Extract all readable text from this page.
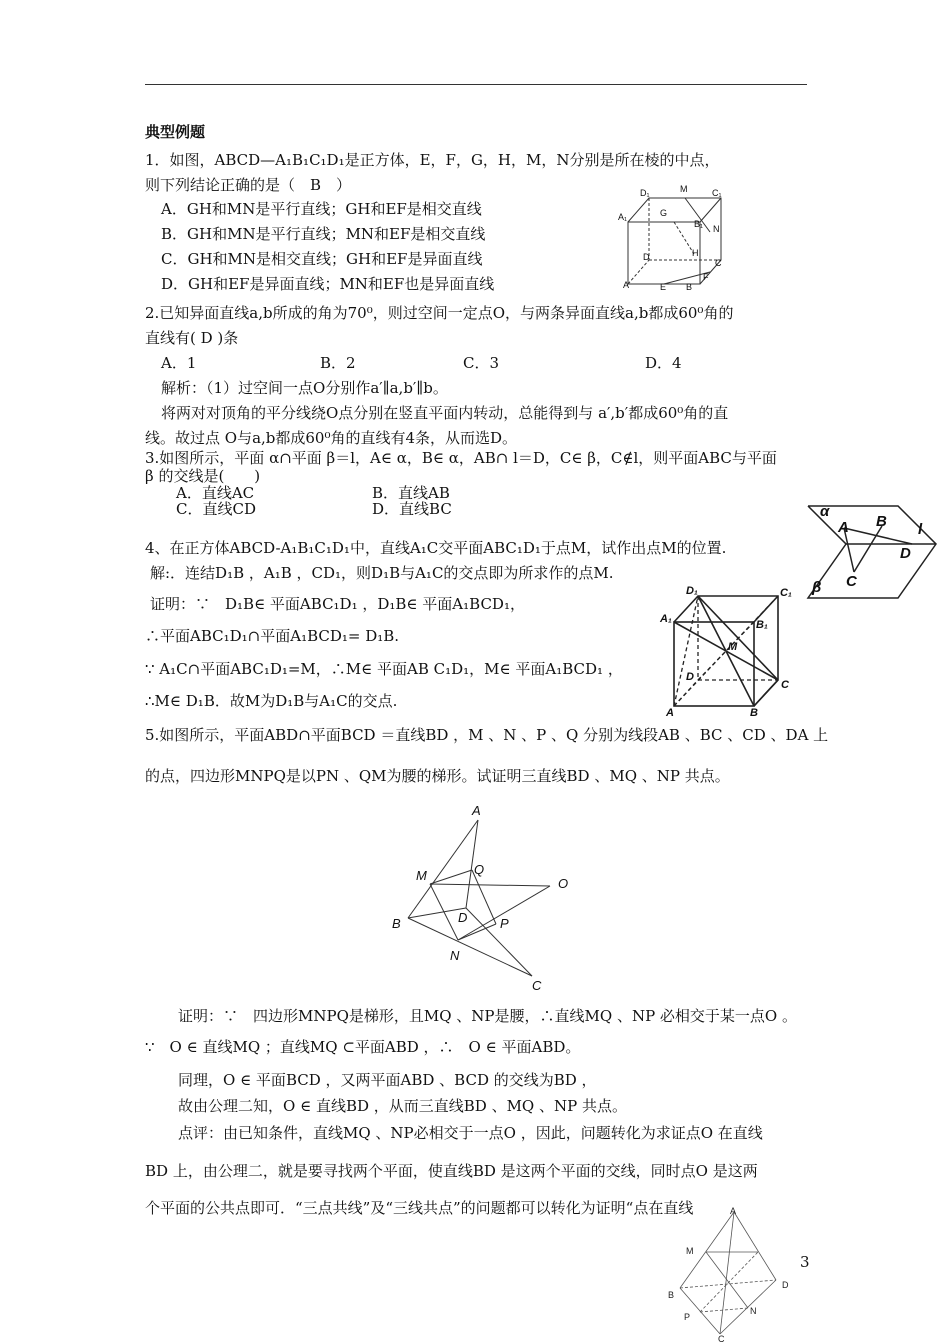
典型例题
1．如图，ABCD—A₁B₁C₁D₁是正方体，E，F，G，H，M，N分别是所在棱的中点，
则下列结论正确的是（　B　）
A．GH和MN是平行直线；GH和EF是相交直线
B．GH和MN是平行直线；MN和EF是相交直线
C．GH和MN是相交直线；GH和EF是异面直线
D．GH和EF是异面直线；MN和EF也是异面直线
D₁	M	C₁
A₁	G
B₁ N
D	H
C
A	E B
F
2.已知异面直线a,b所成的角为70⁰，则过空间一定点O，与两条异面直线a,b都成60⁰角的
直线有( D )条
A．1	B．2	C．3	D．4
解析：（1）过空间一点O分别作a′∥a,b′∥b。
将两对对顶角的平分线绕O点分别在竖直平面内转动，总能得到与 a′,b′都成60⁰角的直
线。故过点 O与a,b都成60⁰角的直线有4条，从而选D。
3.如图所示，平面 α∩平面 β＝l，A∈ α，B∈ α，AB∩ l＝D，C∈ β，C∉l，则平面ABC与平面
β 的交线是(　　)
A．直线AC	B．直线AB
C．直线CD	D．直线BC	α
A B l
D
C
β
4、在正方体ABCD-A₁B₁C₁D₁中，直线A₁C交平面ABC₁D₁于点M，试作出点M的位置.
解:．连结D₁B ，A₁B ，CD₁，则D₁B与A₁C的交点即为所求作的点M.
证明：∵　D₁B∈ 平面ABC₁D₁ ，D₁B∈ 平面A₁BCD₁，
∴平面ABC₁D₁∩平面A₁BCD₁= D₁B.
∵ A₁C∩平面ABC₁D₁=M，∴M∈ 平面AB C₁D₁，M∈ 平面A₁BCD₁ ，
∴M∈ D₁B．故M为D₁B与A₁C的交点.
D₁	C₁
A₁	B₁
M
D
C
A	B
5.如图所示，平面ABD∩平面BCD ＝直线BD ，M 、N 、P 、Q 分别为线段AB 、BC 、CD 、DA 上
的点，四边形MNPQ是以PN 、QM为腰的梯形。试证明三直线BD 、MQ 、NP 共点。
A
M	Q
O
B	D	P
N
C
证明：∵　四边形MNPQ是梯形，且MQ 、NP是腰，∴直线MQ 、NP 必相交于某一点O 。
∵　O ∈ 直线MQ ；直线MQ ⊂平面ABD ，∴　O ∈ 平面ABD。
同理，O ∈ 平面BCD ，又两平面ABD 、BCD 的交线为BD ，
故由公理二知，O ∈ 直线BD ，从而三直线BD 、MQ 、NP 共点。
点评：由已知条件，直线MQ 、NP必相交于一点O ，因此，问题转化为求证点O 在直线
BD 上，由公理二，就是要寻找两个平面，使直线BD 是这两个平面的交线，同时点O 是这两
个平面的公共点即可．“三点共线”及“三线共点”的问题都可以转化为证明“点在直线
3
A
M
D
B
P
N
C
